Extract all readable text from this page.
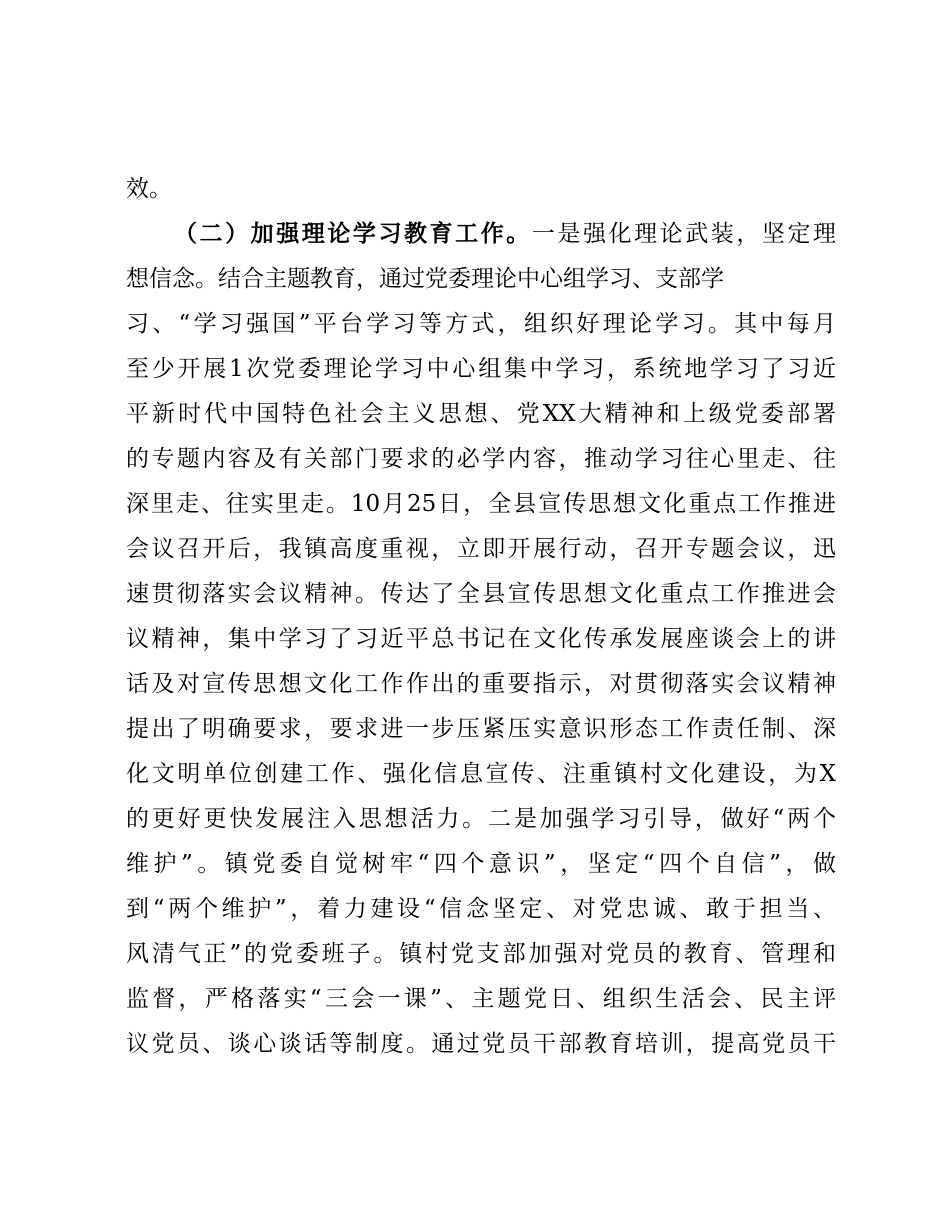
效。
（二）加强理论学习教育工作。一是强化理论武装，坚定理
想信念。结合主题教育，通过党委理论中心组学习、支部学
习、“学习强国”平台学习等方式，组织好理论学习。其中每月
至少开展1次党委理论学习中心组集中学习，系统地学习了习近
平新时代中国特色社会主义思想、党XX大精神和上级党委部署
的专题内容及有关部门要求的必学内容，推动学习往心里走、往
深里走、往实里走。10月25日，全县宣传思想文化重点工作推进
会议召开后，我镇高度重视，立即开展行动，召开专题会议，迅
速贯彻落实会议精神。传达了全县宣传思想文化重点工作推进会
议精神，集中学习了习近平总书记在文化传承发展座谈会上的讲
话及对宣传思想文化工作作出的重要指示，对贯彻落实会议精神
提出了明确要求，要求进一步压紧压实意识形态工作责任制、深
化文明单位创建工作、强化信息宣传、注重镇村文化建设，为X
的更好更快发展注入思想活力。二是加强学习引导，做好“两个
维护”。镇党委自觉树牢“四个意识”，坚定“四个自信”，做
到“两个维护”，着力建设“信念坚定、对党忠诚、敢于担当、
风清气正”的党委班子。镇村党支部加强对党员的教育、管理和
监督，严格落实“三会一课”、主题党日、组织生活会、民主评
议党员、谈心谈话等制度。通过党员干部教育培训，提高党员干
